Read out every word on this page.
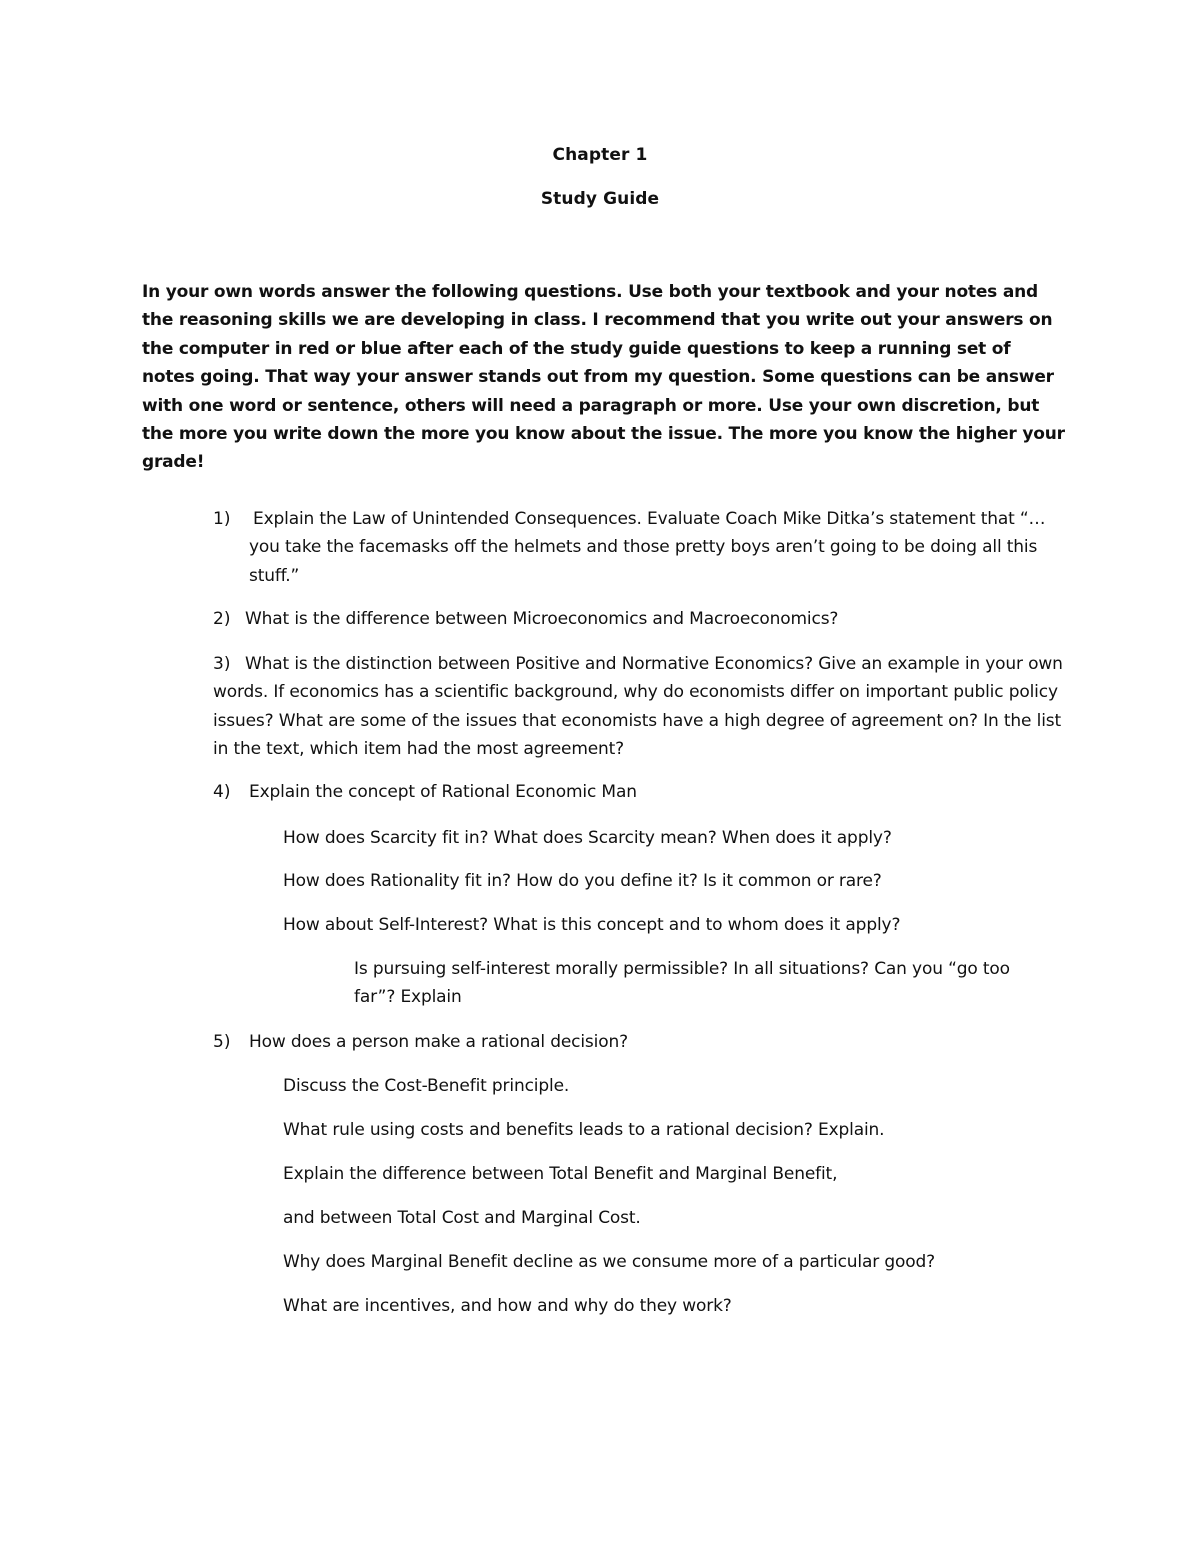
Chapter 1
Study Guide
In your own words answer the following questions. Use both your textbook and your notes and the reasoning skills we are developing in class. I recommend that you write out your answers on the computer in red or blue after each of the study guide questions to keep a running set of notes going. That way your answer stands out from my question. Some questions can be answer with one word or sentence, others will need a paragraph or more. Use your own discretion, but the more you write down the more you know about the issue. The more you know the higher your grade!
1) Explain the Law of Unintended Consequences. Evaluate Coach Mike Ditka’s statement that “…you take the facemasks off the helmets and those pretty boys aren’t going to be doing all this stuff.”
2) What is the difference between Microeconomics and Macroeconomics?
What is the distinction between Positive and Normative Economics? Give an example in your own words. If economics has a scientific background, why do economists differ on important public policy issues? What are some of the issues that economists have a high degree of agreement on? In the list in the text, which item had the most agreement?
3)
4) Explain the concept of Rational Economic Man
How does Scarcity fit in? What does Scarcity mean? When does it apply?
How does Rationality fit in? How do you define it? Is it common or rare?
How about Self-Interest? What is this concept and to whom does it apply?
Is pursuing self-interest morally permissible? In all situations? Can you “go too far”? Explain
5) How does a person make a rational decision?
Discuss the Cost-Benefit principle.
What rule using costs and benefits leads to a rational decision? Explain.
Explain the difference between Total Benefit and Marginal Benefit,
and between Total Cost and Marginal Cost.
Why does Marginal Benefit decline as we consume more of a particular good?
What are incentives, and how and why do they work?
